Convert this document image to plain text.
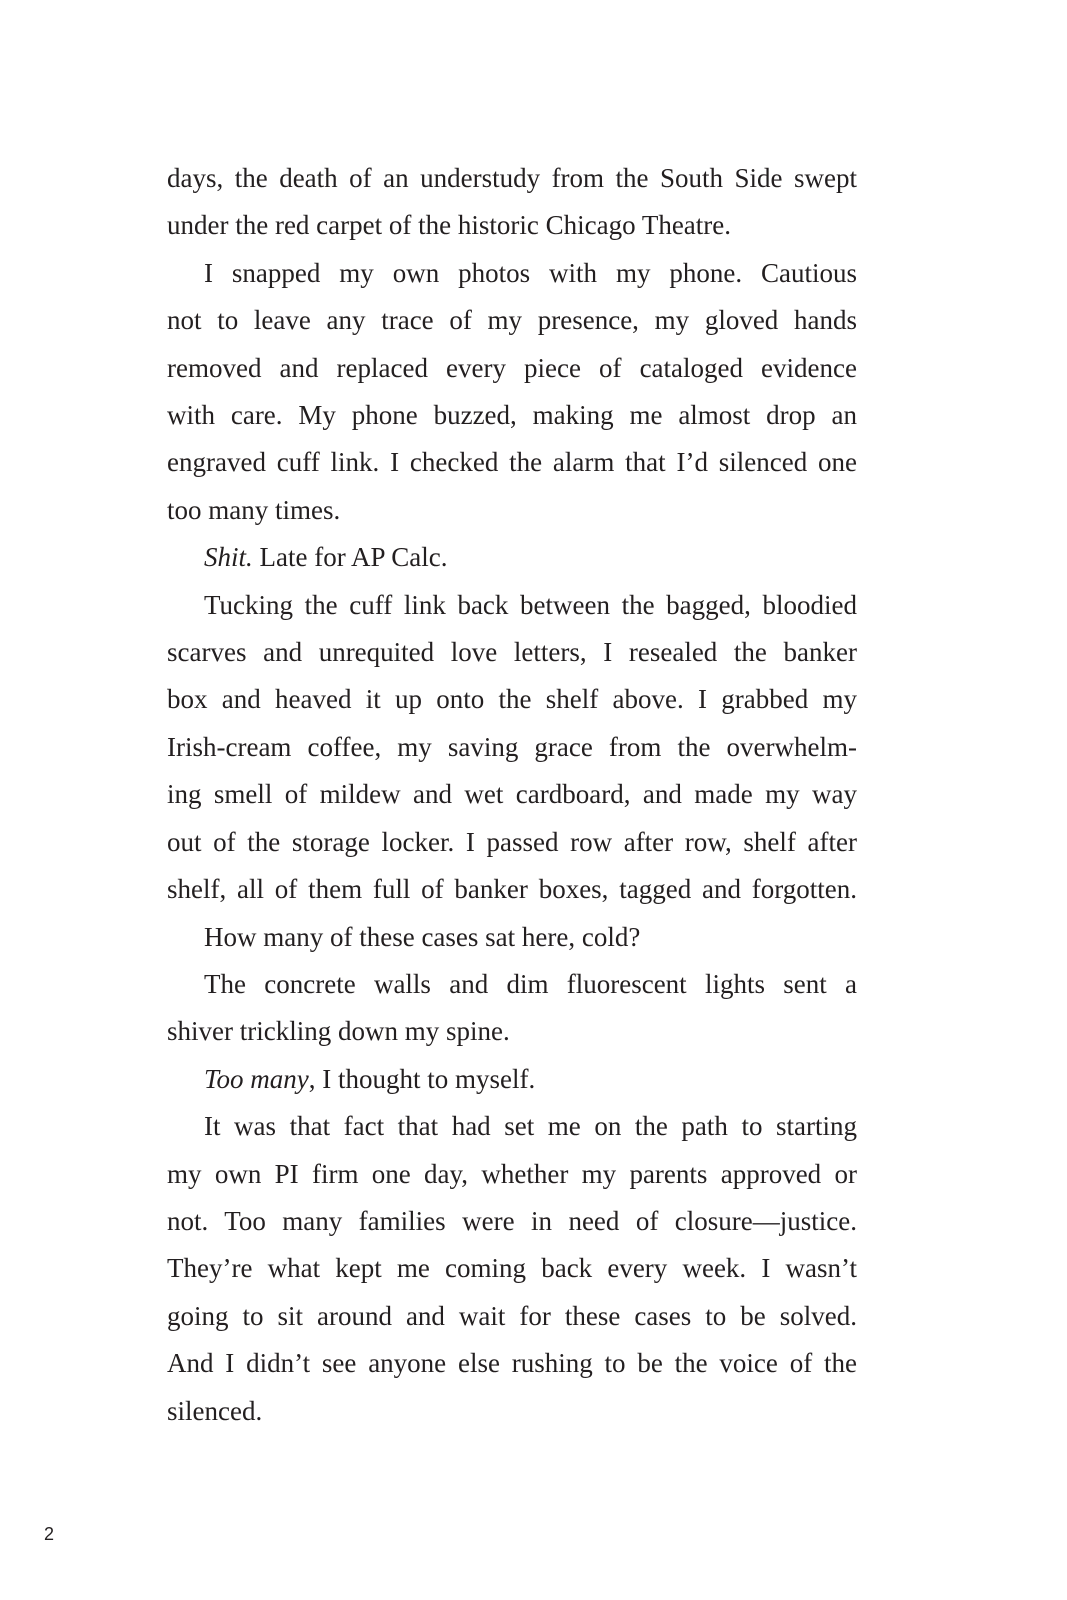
days, the death of an understudy from the South Side swept
under the red carpet of the historic Chicago Theatre.

I snapped my own photos with my phone. Cautious
not to leave any trace of my presence, my gloved hands
removed and replaced every piece of cataloged evidence
with care. My phone buzzed, making me almost drop an
engraved cuff link. I checked the alarm that I’d silenced one
too many times.

Shit. Late for AP Calc.

Tucking the cuff link back between the bagged, bloodied
scarves and unrequited love letters, I resealed the banker
box and heaved it up onto the shelf above. I grabbed my
Irish-cream coffee, my saving grace from the overwhelm-
ing smell of mildew and wet cardboard, and made my way
out of the storage locker. I passed row after row, shelf after
shelf, all of them full of banker boxes, tagged and forgotten.

How many of these cases sat here, cold?

The concrete walls and dim fluorescent lights sent a
shiver trickling down my spine.

Too many, I thought to myself.

It was that fact that had set me on the path to starting
my own PI firm one day, whether my parents approved or
not. Too many families were in need of closure—justice.
They’re what kept me coming back every week. I wasn’t
going to sit around and wait for these cases to be solved.
And I didn’t see anyone else rushing to be the voice of the
silenced.

2
